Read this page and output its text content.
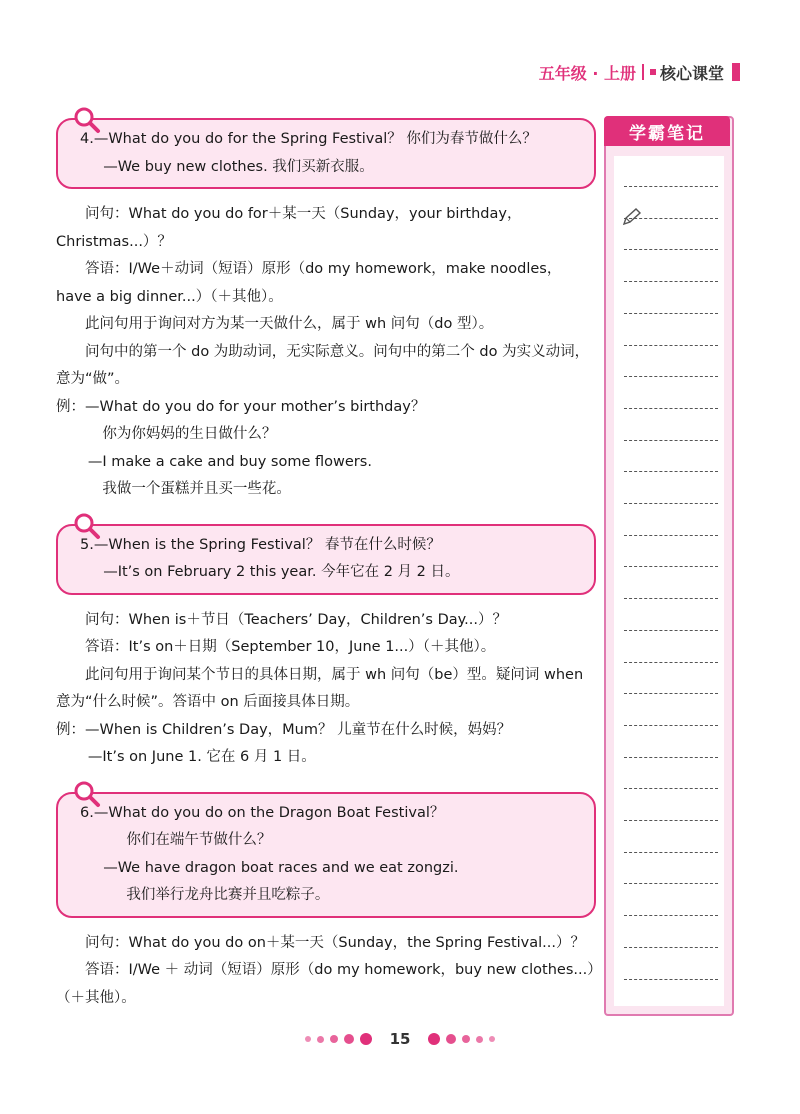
五年级 · 上册 核心课堂

4.—What do you do for the Spring Festival？ 你们为春节做什么？

—We buy new clothes. 我们买新衣服。

问句：What do you do for＋某一天（Sunday，your birthday，Christmas...）？

答语：I/We＋动词（短语）原形（do my homework，make noodles，have a big dinner...）（＋其他）。

此问句用于询问对方为某一天做什么，属于 wh 问句（do 型）。

问句中的第一个 do 为助动词，无实际意义。问句中的第二个 do 为实义动词，意为“做”。

例：—What do you do for your mother’s birthday？

你为你妈妈的生日做什么？

—I make a cake and buy some flowers.

我做一个蛋糕并且买一些花。

5.—When is the Spring Festival？ 春节在什么时候？

—It’s on February 2 this year. 今年它在 2 月 2 日。

问句：When is＋节日（Teachers’ Day，Children’s Day...）？

答语：It’s on＋日期（September 10，June 1...）（＋其他）。

此问句用于询问某个节日的具体日期，属于 wh 问句（be）型。疑问词 when 意为“什么时候”。答语中 on 后面接具体日期。

例：—When is Children’s Day，Mum？ 儿童节在什么时候，妈妈？

—It’s on June 1. 它在 6 月 1 日。

6.—What do you do on the Dragon Boat Festival？

你们在端午节做什么？

—We have dragon boat races and we eat zongzi.

我们举行龙舟比赛并且吃粽子。

问句：What do you do on＋某一天（Sunday，the Spring Festival...）？

答语：I/We ＋ 动词（短语）原形（do my homework，buy new clothes...）（＋其他）。

学霸笔记
15
